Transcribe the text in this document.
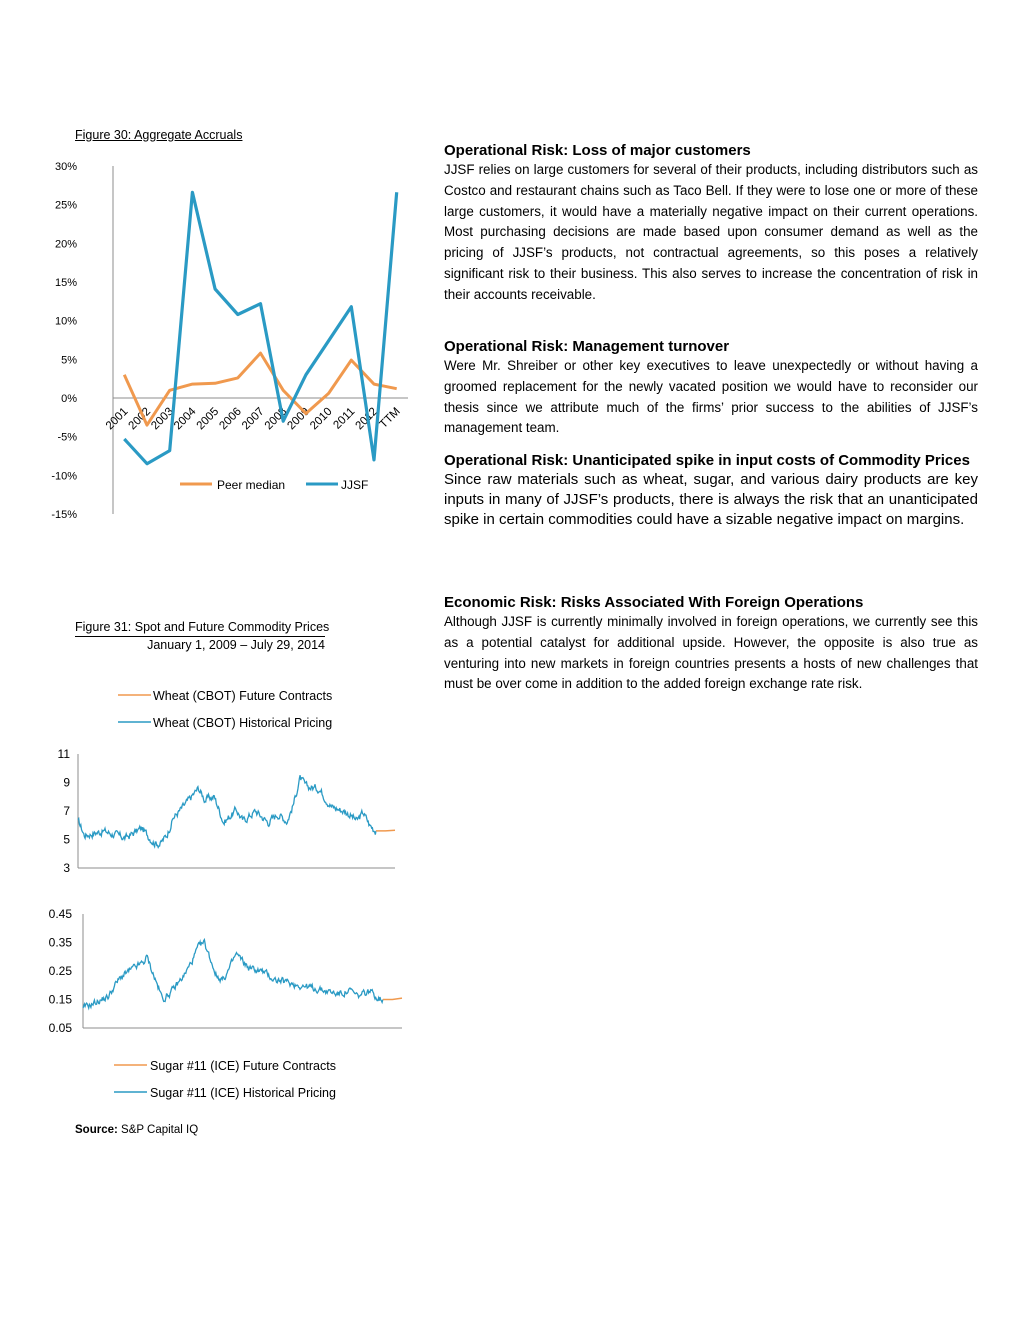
Figure 30: Aggregate Accruals
30%
25%
20%
15%
10%
5%
0%
-5%
-10%
-15%
2001
2002
2003
2004
2005
2006
2007
2008
2009
2010
2011
2012
TTM
Peer median	JJSF
Figure 31: Spot and Future Commodity Prices
January 1, 2009 – July 29, 2014
Wheat (CBOT) Future Contracts
Wheat (CBOT) Historical Pricing
11
9
7
5
3
0.45
0.35
0.25
0.15
0.05
Sugar #11 (ICE) Future Contracts
Sugar #11 (ICE) Historical Pricing
Source: S&P Capital IQ
Operational Risk: Loss of major customers

JJSF relies on large customers for several of their products, including distributors such as Costco and restaurant chains such as Taco Bell. If they were to lose one or more of these large customers, it would have a materially negative impact on their current operations. Most purchasing decisions are made based upon consumer demand as well as the pricing of JJSF’s products, not contractual agreements, so this poses a relatively significant risk to their business. This also serves to increase the concentration of risk in their accounts receivable.

Operational Risk: Management turnover

Were Mr. Shreiber or other key executives to leave unexpectedly or without having a groomed replacement for the newly vacated position we would have to reconsider our thesis since we attribute much of the firms’ prior success to the abilities of JJSF’s management team.

Operational Risk: Unanticipated spike in input costs of Commodity Prices

Since raw materials such as wheat, sugar, and various dairy products are key inputs in many of JJSF’s products, there is always the risk that an unanticipated spike in certain commodities could have a sizable negative impact on margins.

Economic Risk: Risks Associated With Foreign Operations

Although JJSF is currently minimally involved in foreign operations, we currently see this as a potential catalyst for additional upside. However, the opposite is also true as venturing into new markets in foreign countries presents a hosts of new challenges that must be over come in addition to the added foreign exchange rate risk.
